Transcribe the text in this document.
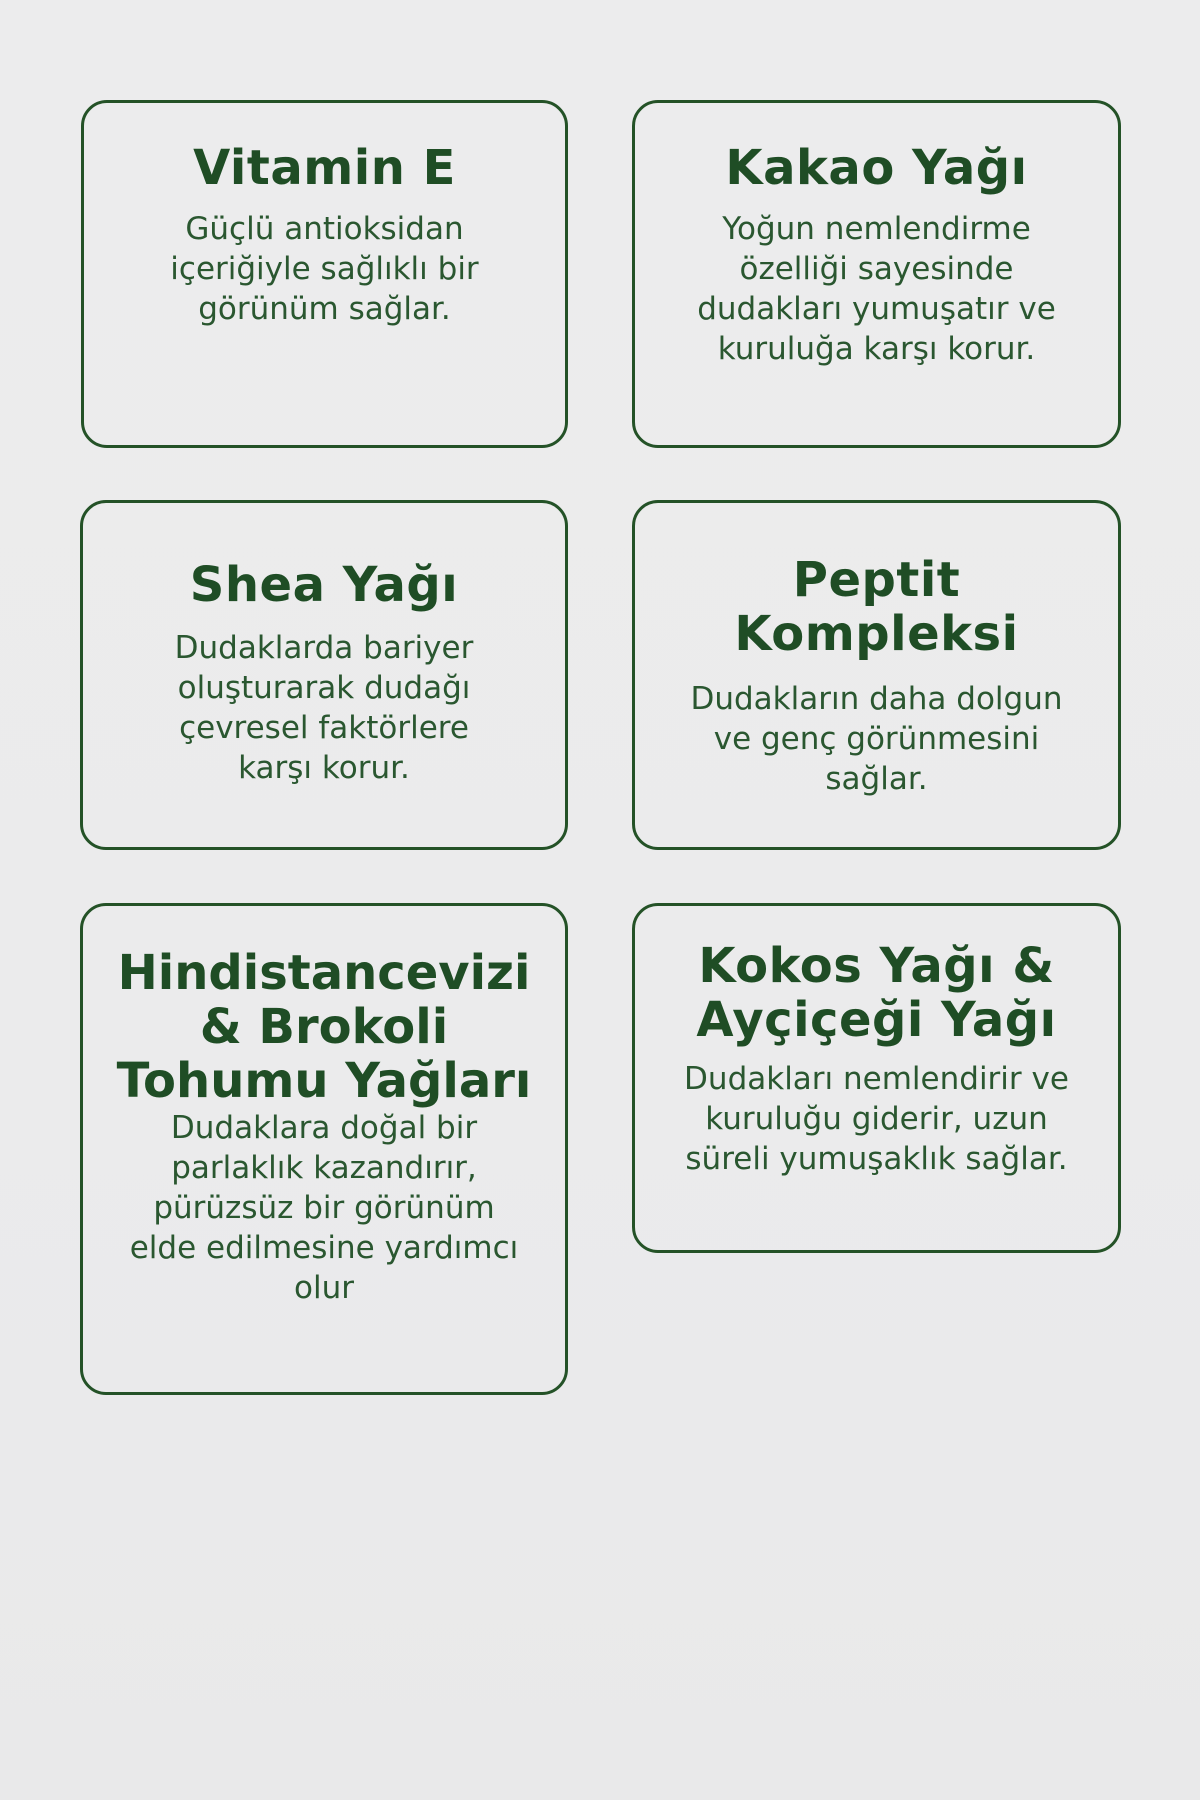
Vitamin E

Güçlü antioksidan içeriğiyle sağlıklı bir görünüm sağlar.

Kakao Yağı

Yoğun nemlendirme özelliği sayesinde dudakları yumuşatır ve kuruluğa karşı korur.

Shea Yağı

Dudaklarda bariyer oluşturarak dudağı çevresel faktörlere karşı korur.

Peptit Kompleksi

Dudakların daha dolgun ve genç görünmesini sağlar.

Hindistancevizi & Brokoli Tohumu Yağları

Dudaklara doğal bir parlaklık kazandırır, pürüzsüz bir görünüm elde edilmesine yardımcı olur

Kokos Yağı & Ayçiçeği Yağı

Dudakları nemlendirir ve kuruluğu giderir, uzun süreli yumuşaklık sağlar.
